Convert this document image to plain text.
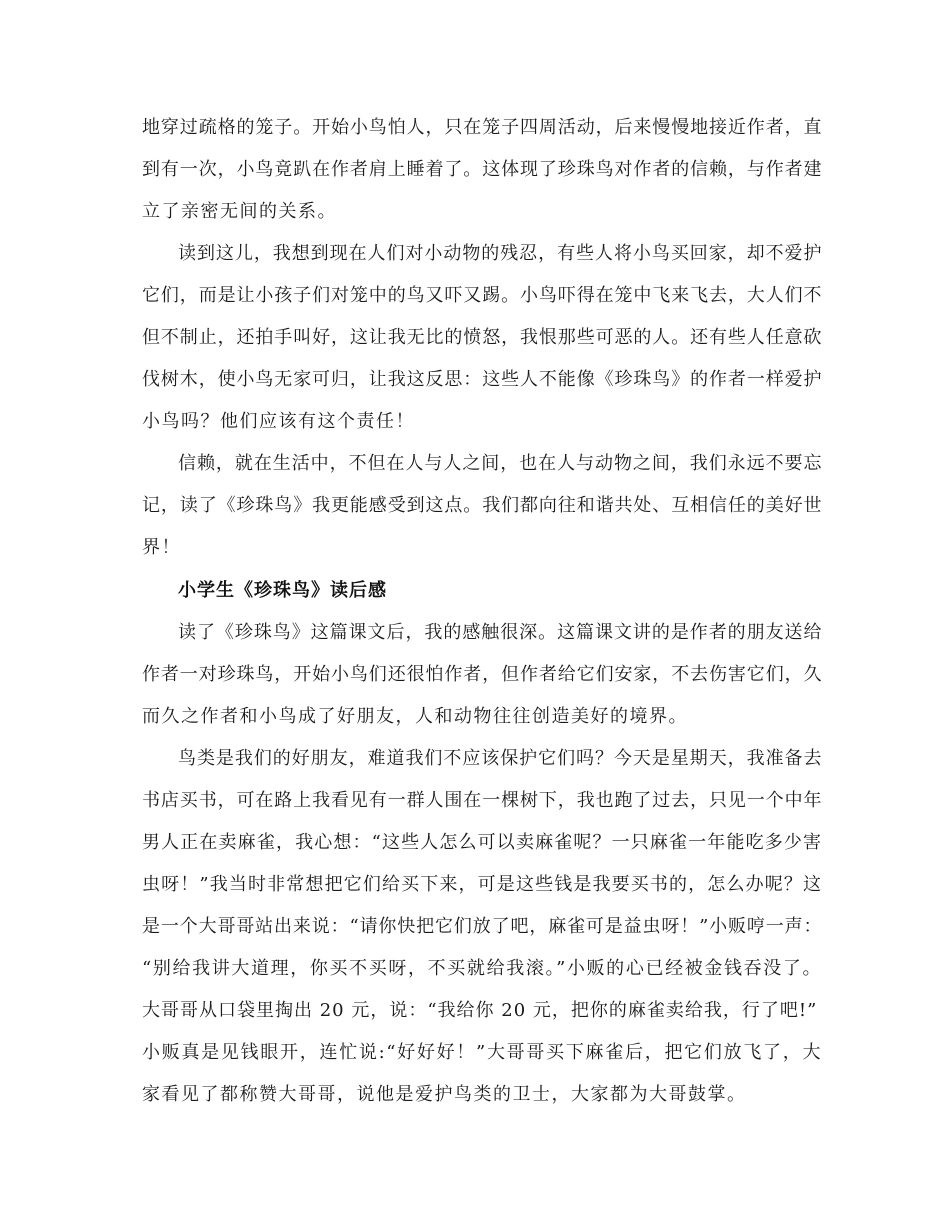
地穿过疏格的笼子。开始小鸟怕人，只在笼子四周活动，后来慢慢地接近作者，直
到有一次，小鸟竟趴在作者肩上睡着了。这体现了珍珠鸟对作者的信赖，与作者建
立了亲密无间的关系。
读到这儿，我想到现在人们对小动物的残忍，有些人将小鸟买回家，却不爱护
它们，而是让小孩子们对笼中的鸟又吓又踢。小鸟吓得在笼中飞来飞去，大人们不
但不制止，还拍手叫好，这让我无比的愤怒，我恨那些可恶的人。还有些人任意砍
伐树木，使小鸟无家可归，让我这反思：这些人不能像《珍珠鸟》的作者一样爱护
小鸟吗？他们应该有这个责任！
信赖，就在生活中，不但在人与人之间，也在人与动物之间，我们永远不要忘
记，读了《珍珠鸟》我更能感受到这点。我们都向往和谐共处、互相信任的美好世
界！
小学生《珍珠鸟》读后感
读了《珍珠鸟》这篇课文后，我的感触很深。这篇课文讲的是作者的朋友送给
作者一对珍珠鸟，开始小鸟们还很怕作者，但作者给它们安家，不去伤害它们，久
而久之作者和小鸟成了好朋友，人和动物往往创造美好的境界。
鸟类是我们的好朋友，难道我们不应该保护它们吗？今天是星期天，我准备去
书店买书，可在路上我看见有一群人围在一棵树下，我也跑了过去，只见一个中年
男人正在卖麻雀，我心想：“这些人怎么可以卖麻雀呢？一只麻雀一年能吃多少害
虫呀！”我当时非常想把它们给买下来，可是这些钱是我要买书的，怎么办呢？这
是一个大哥哥站出来说：“请你快把它们放了吧，麻雀可是益虫呀！”小贩哼一声：
“别给我讲大道理，你买不买呀，不买就给我滚。”小贩的心已经被金钱吞没了。
大哥哥从口袋里掏出 20 元，说：“我给你 20 元，把你的麻雀卖给我，行了吧!”
小贩真是见钱眼开，连忙说:“好好好！”大哥哥买下麻雀后，把它们放飞了，大
家看见了都称赞大哥哥，说他是爱护鸟类的卫士，大家都为大哥鼓掌。
